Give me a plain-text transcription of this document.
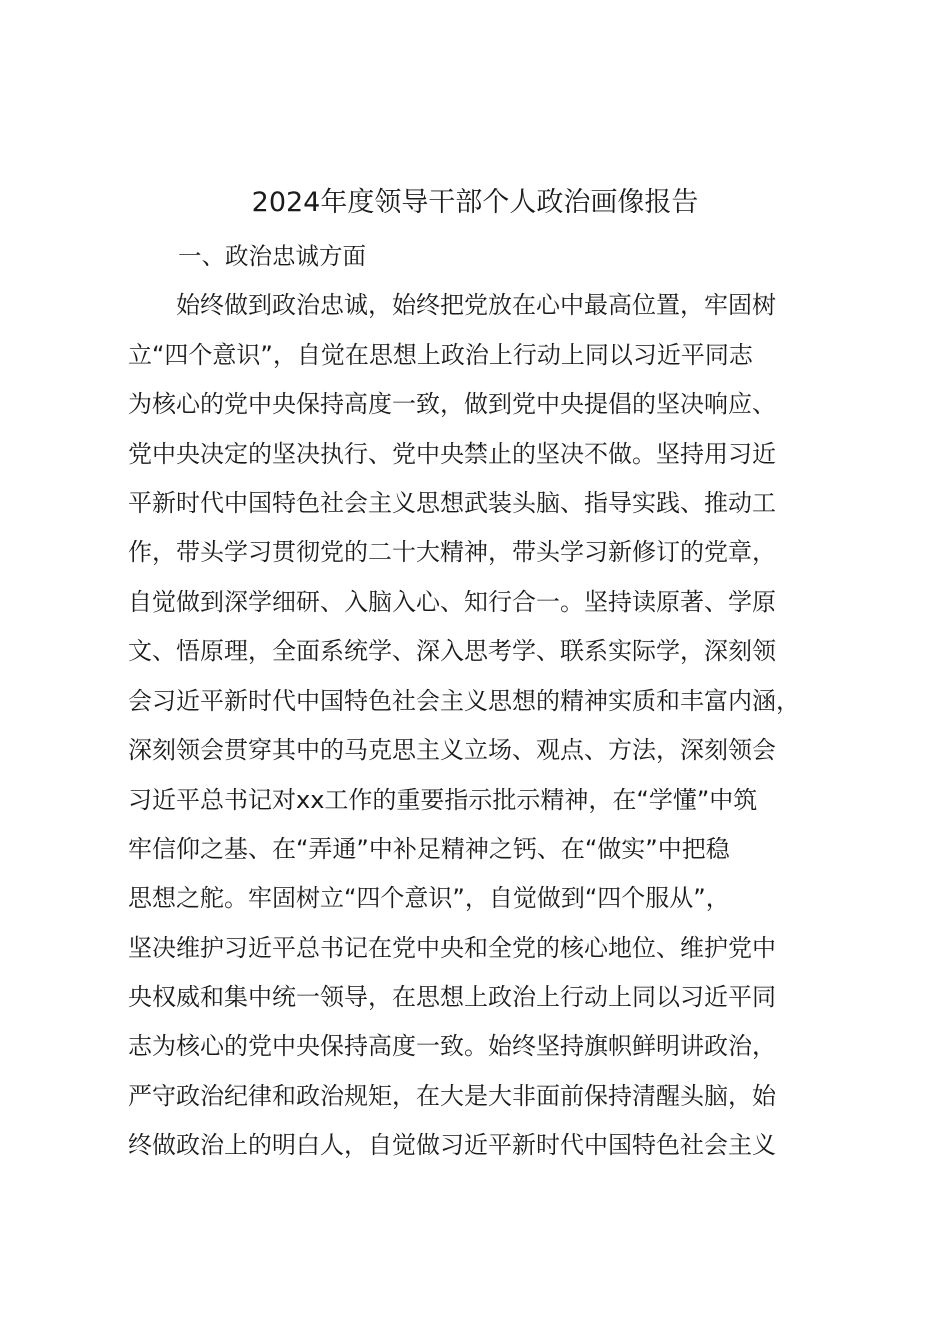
2024年度领导干部个人政治画像报告
一、政治忠诚方面
始终做到政治忠诚，始终把党放在心中最高位置，牢固树
立“四个意识”，自觉在思想上政治上行动上同以习近平同志
为核心的党中央保持高度一致，做到党中央提倡的坚决响应、
党中央决定的坚决执行、党中央禁止的坚决不做。坚持用习近
平新时代中国特色社会主义思想武装头脑、指导实践、推动工
作，带头学习贯彻党的二十大精神，带头学习新修订的党章，
自觉做到深学细研、入脑入心、知行合一。坚持读原著、学原
文、悟原理，全面系统学、深入思考学、联系实际学，深刻领
会习近平新时代中国特色社会主义思想的精神实质和丰富内涵，
深刻领会贯穿其中的马克思主义立场、观点、方法，深刻领会
习近平总书记对xx工作的重要指示批示精神，在“学懂”中筑
牢信仰之基、在“弄通”中补足精神之钙、在“做实”中把稳
思想之舵。牢固树立“四个意识”，自觉做到“四个服从”，
坚决维护习近平总书记在党中央和全党的核心地位、维护党中
央权威和集中统一领导，在思想上政治上行动上同以习近平同
志为核心的党中央保持高度一致。始终坚持旗帜鲜明讲政治，
严守政治纪律和政治规矩，在大是大非面前保持清醒头脑，始
终做政治上的明白人，自觉做习近平新时代中国特色社会主义
